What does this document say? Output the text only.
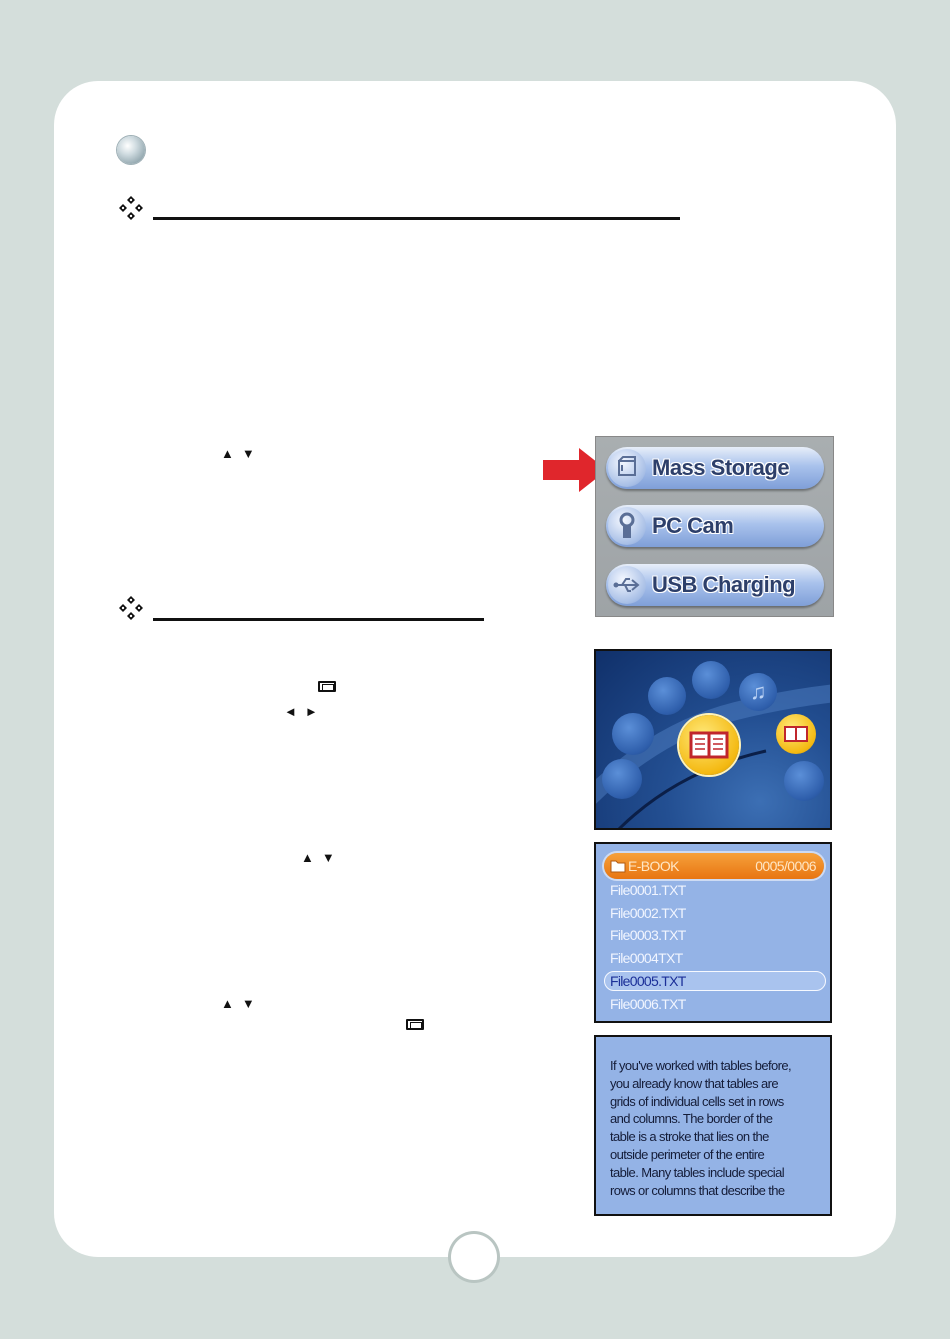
▲▼
Mass Storage
PC Cam
USB Charging
◄►
▲▼
▲▼
♫
E-BOOK	0005/0006
File0001.TXT
File0002.TXT
File0003.TXT
File0004TXT
File0005.TXT
File0006.TXT
If you've worked with tables before,
you already know that tables are
grids of individual cells set in rows
and columns. The border of the
table is a stroke that lies on the
outside perimeter of the entire
table. Many tables include special
rows or columns that describe the
